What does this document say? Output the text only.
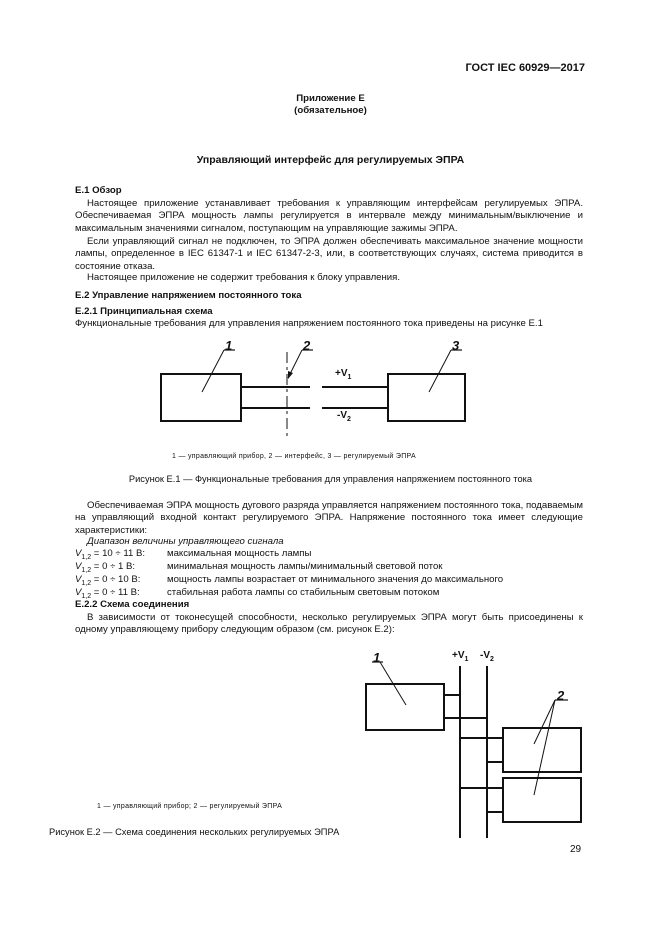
ГОСТ IEC 60929—2017
Приложение Е
(обязательное)
Управляющий интерфейс для регулируемых ЭПРА
Е.1 Обзор
Настоящее приложение устанавливает требования к управляющим интерфейсам регулируемых ЭПРА. Обеспечиваемая ЭПРА мощность лампы регулируется в интервале между минимальным/выключение и максимальным значениями сигналом, поступающим на управляющие зажимы ЭПРА.
Если управляющий сигнал не подключен, то ЭПРА должен обеспечивать максимальное значение мощности лампы, определенное в IEC 61347-1 и IEC 61347-2-3, или, в соответствующих случаях, система приводится в состояние отказа.
Настоящее приложение не содержит требования к блоку управления.
Е.2 Управление напряжением постоянного тока
Е.2.1 Принципиальная схема
Функциональные требования для управления напряжением постоянного тока приведены на рисунке Е.1
1	2	3
$+V_1$
$-V_2$
1 — управляющий прибор, 2 — интерфейс, 3 — регулируемый ЭПРА
Рисунок Е.1 — Функциональные требования для управления напряжением постоянного тока
Обеспечиваемая ЭПРА мощность дугового разряда управляется напряжением постоянного тока, подаваемым на управляющий входной контакт регулируемого ЭПРА. Напряжение постоянного тока имеет следующие характеристики:
Диапазон величины управляющего сигнала
$V_{1,2} = 10 \div 11$ В: максимальная мощность лампы
$V_{1,2} = 0 \div 1$ В:	минимальная мощность лампы/минимальный световой поток
$V_{1,2} = 0 \div 10$ В:	мощность лампы возрастает от минимального значения до максимального
$V_{1,2} = 0 \div 11$ В:	стабильная работа лампы со стабильным световым потоком
Е.2.2 Схема соединения
В зависимости от токонесущей способности, несколько регулируемых ЭПРА могут быть присоединены к одному управляющему прибору следующим образом (см. рисунок Е.2):
1
2
$+V_1$ $-V_2$
1 — управляющий прибор; 2 — регулируемый ЭПРА
Рисунок Е.2 — Схема соединения нескольких регулируемых ЭПРА
29
